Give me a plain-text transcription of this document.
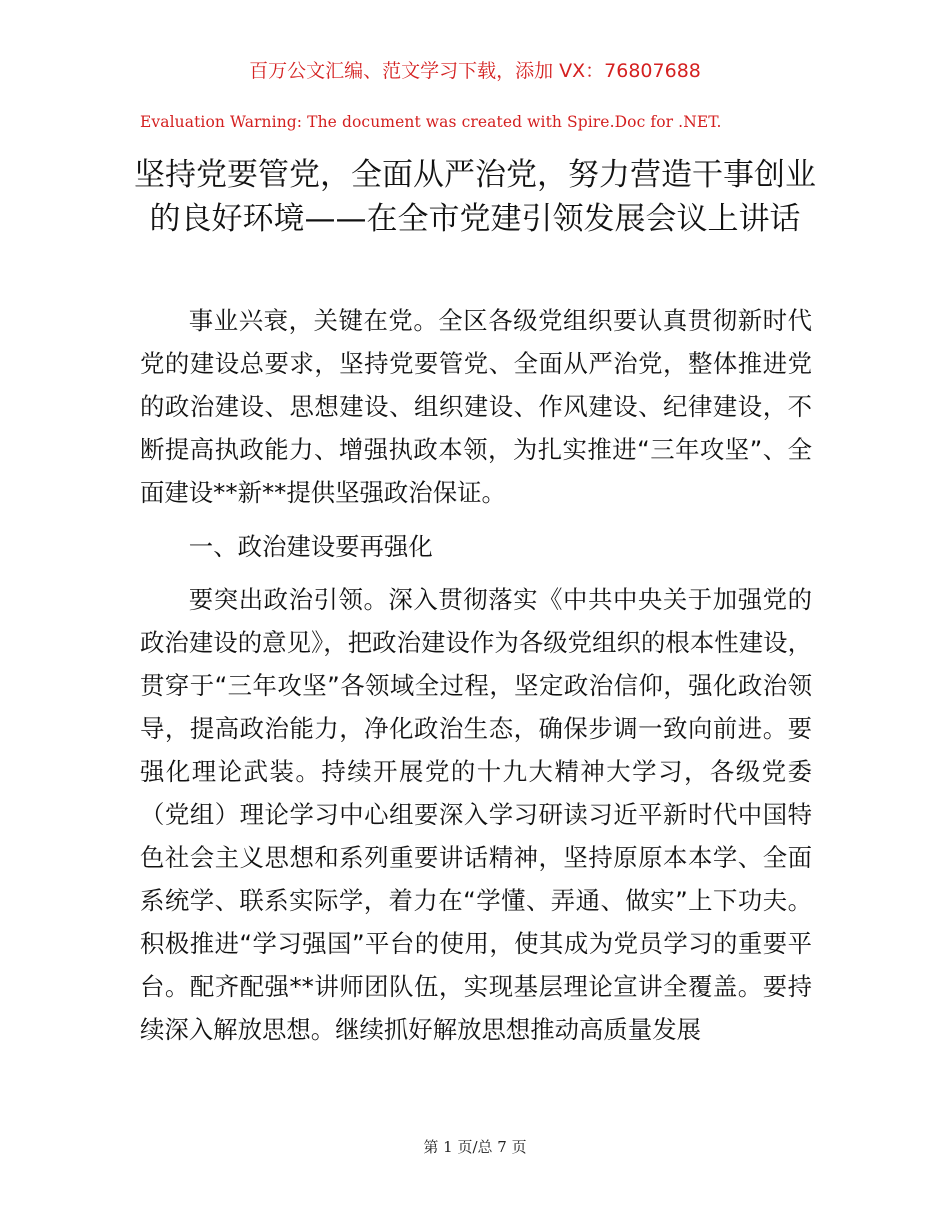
百万公文汇编、范文学习下载，添加 VX：76807688
Evaluation Warning: The document was created with Spire.Doc for .NET.
坚持党要管党，全面从严治党，努力营造干事创业的良好环境——在全市党建引领发展会议上讲话

事业兴衰，关键在党。全区各级党组织要认真贯彻新时代党的建设总要求，坚持党要管党、全面从严治党，整体推进党的政治建设、思想建设、组织建设、作风建设、纪律建设，不断提高执政能力、增强执政本领，为扎实推进“三年攻坚”、全面建设**新**提供坚强政治保证。

一、政治建设要再强化

要突出政治引领。深入贯彻落实《中共中央关于加强党的政治建设的意见》，把政治建设作为各级党组织的根本性建设，贯穿于“三年攻坚”各领域全过程，坚定政治信仰，强化政治领导，提高政治能力，净化政治生态，确保步调一致向前进。要强化理论武装。持续开展党的十九大精神大学习，各级党委（党组）理论学习中心组要深入学习研读习近平新时代中国特色社会主义思想和系列重要讲话精神，坚持原原本本学、全面系统学、联系实际学，着力在“学懂、弄通、做实”上下功夫。积极推进“学习强国”平台的使用，使其成为党员学习的重要平台。配齐配强**讲师团队伍，实现基层理论宣讲全覆盖。要持续深入解放思想。继续抓好解放思想推动高质量发展

第 1 页/总 7 页
